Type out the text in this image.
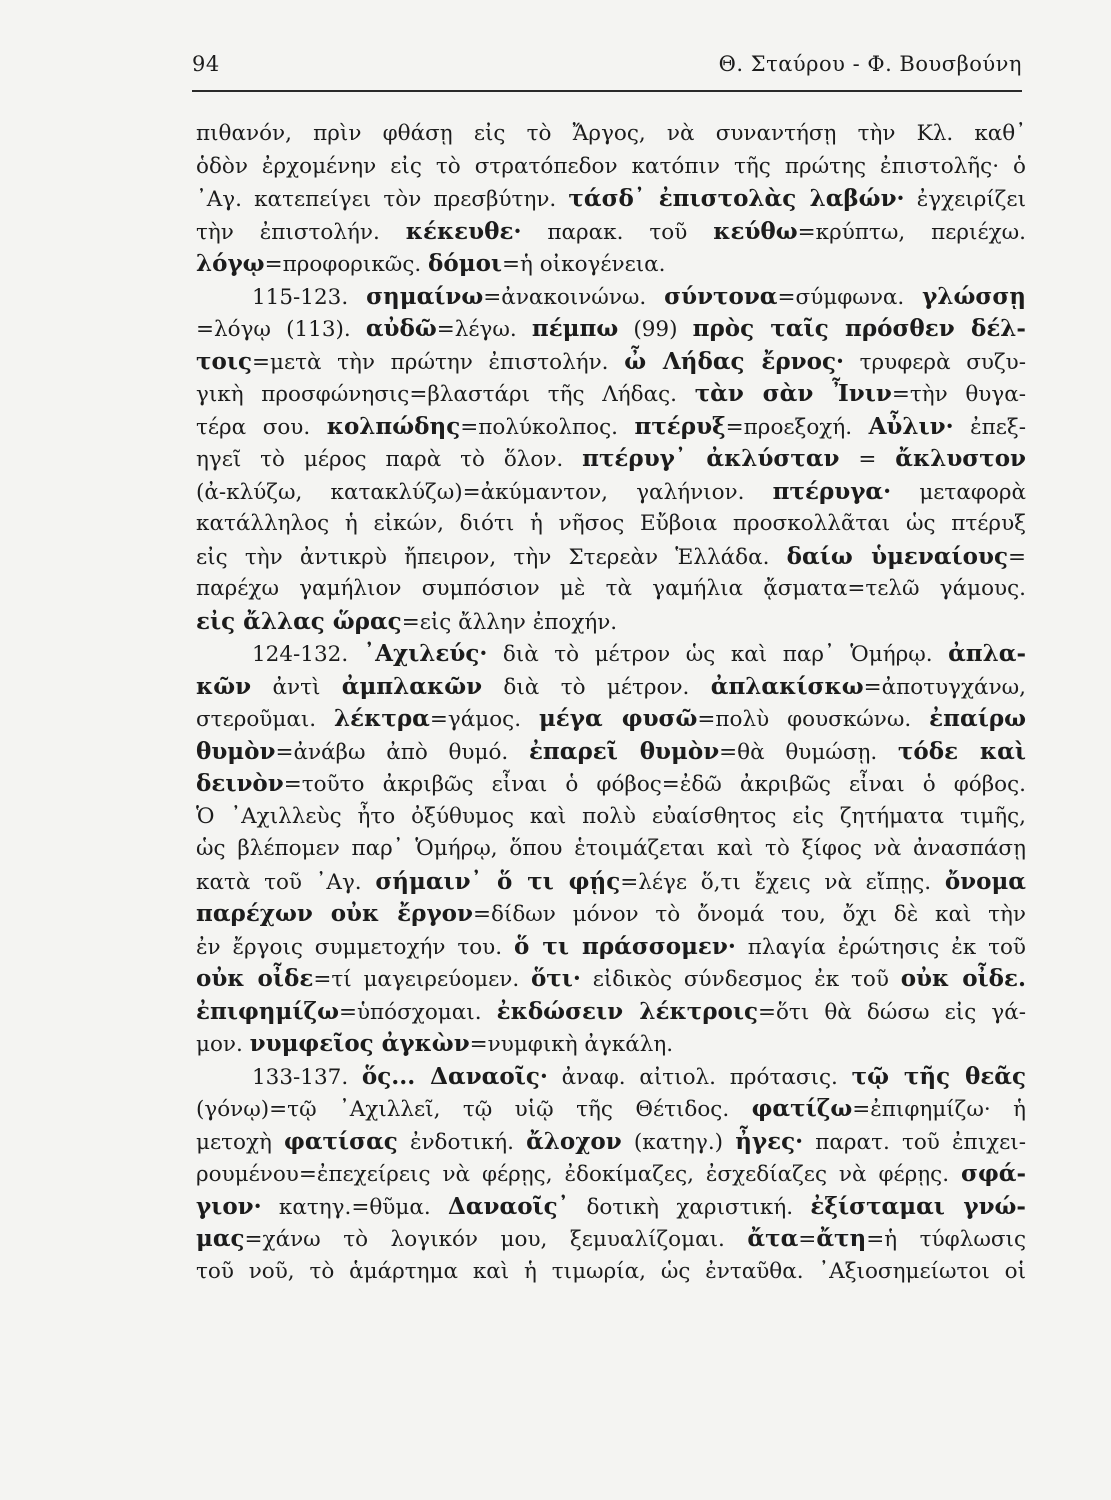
94	Θ. Σταύρου - Φ. Βουσβούνη
πιθανόν, πρὶν φθάσῃ εἰς τὸ Ἄργος, νὰ συναντήσῃ τὴν Κλ. καθ᾽
ὁδὸν ἐρχομένην εἰς τὸ στρατόπεδον κατόπιν τῆς πρώτης ἐπιστολῆς· ὁ
᾽Αγ. κατεπείγει τὸν πρεσβύτην. τάσδ᾽ ἐπιστολὰς λαβών· ἐγχειρίζει
τὴν ἐπιστολήν. κέκευθε· παρακ. τοῦ κεύθω=κρύπτω, περιέχω.
λόγῳ=προφορικῶς. δόμοι=ἡ οἰκογένεια.
115-123. σημαίνω=ἀνακοινώνω. σύντονα=σύμφωνα. γλώσσῃ
=λόγῳ (113). αὐδῶ=λέγω. πέμπω (99) πρὸς ταῖς πρόσθεν δέλ-
τοις=μετὰ τὴν πρώτην ἐπιστολήν. ὦ Λήδας ἔρνος· τρυφερὰ συζυ-
γικὴ προσφώνησις=βλαστάρι τῆς Λήδας. τὰν σὰν Ἶνιν=τὴν θυγα-
τέρα σου. κολπώδης=πολύκολπος. πτέρυξ=προεξοχή. Αὖλιν· ἐπεξ-
ηγεῖ τὸ μέρος παρὰ τὸ ὅλον. πτέρυγ᾽ ἀκλύσταν = ἄκλυστον
(ἀ-κλύζω, κατακλύζω)=ἀκύμαντον, γαλήνιον. πτέρυγα· μεταφορὰ
κατάλληλος ἡ εἰκών, διότι ἡ νῆσος Εὔβοια προσκολλᾶται ὡς πτέρυξ
εἰς τὴν ἀντικρὺ ἤπειρον, τὴν Στερεὰν Ἑλλάδα. δαίω ὑμεναίους=
παρέχω γαμήλιον συμπόσιον μὲ τὰ γαμήλια ᾄσματα=τελῶ γάμους.
εἰς ἄλλας ὥρας=εἰς ἄλλην ἐποχήν.
124-132. ᾽Αχιλεύς· διὰ τὸ μέτρον ὡς καὶ παρ᾽ Ὁμήρῳ. ἀπλα-
κῶν ἀντὶ ἀμπλακῶν διὰ τὸ μέτρον. ἀπλακίσκω=ἀποτυγχάνω,
στεροῦμαι. λέκτρα=γάμος. μέγα φυσῶ=πολὺ φουσκώνω. ἐπαίρω
θυμὸν=ἀνάβω ἀπὸ θυμό. ἐπαρεῖ θυμὸν=θὰ θυμώσῃ. τόδε καὶ
δεινὸν=τοῦτο ἀκριβῶς εἶναι ὁ φόβος=ἐδῶ ἀκριβῶς εἶναι ὁ φόβος.
Ὁ ᾽Αχιλλεὺς ἦτο ὀξύθυμος καὶ πολὺ εὐαίσθητος εἰς ζητήματα τιμῆς,
ὡς βλέπομεν παρ᾽ Ὁμήρῳ, ὅπου ἑτοιμάζεται καὶ τὸ ξίφος νὰ ἀνασπάσῃ
κατὰ τοῦ ᾽Αγ. σήμαιν᾽ ὅ τι φῄς=λέγε ὅ,τι ἔχεις νὰ εἴπῃς. ὄνομα
παρέχων οὐκ ἔργον=δίδων μόνον τὸ ὄνομά του, ὄχι δὲ καὶ τὴν
ἐν ἔργοις συμμετοχήν του. ὅ τι πράσσομεν· πλαγία ἐρώτησις ἐκ τοῦ
οὐκ οἶδε=τί μαγειρεύομεν. ὅτι· εἰδικὸς σύνδεσμος ἐκ τοῦ οὐκ οἶδε.
ἐπιφημίζω=ὑπόσχομαι. ἐκδώσειν λέκτροις=ὅτι θὰ δώσω εἰς γά-
μον. νυμφεῖος ἀγκὼν=νυμφικὴ ἀγκάλη.
133-137. ὅς... Δαναοῖς· ἀναφ. αἰτιολ. πρότασις. τῷ τῆς θεᾶς
(γόνῳ)=τῷ ᾽Αχιλλεῖ, τῷ υἱῷ τῆς Θέτιδος. φατίζω=ἐπιφημίζω· ἡ
μετοχὴ φατίσας ἐνδοτική. ἄλοχον (κατηγ.) ἦγες· παρατ. τοῦ ἐπιχει-
ρουμένου=ἐπεχείρεις νὰ φέρῃς, ἐδοκίμαζες, ἐσχεδίαζες νὰ φέρῃς. σφά-
γιον· κατηγ.=θῦμα. Δαναοῖς᾽ δοτικὴ χαριστική. ἐξίσταμαι γνώ-
μας=χάνω τὸ λογικόν μου, ξεμυαλίζομαι. ἄτα=ἄτη=ἡ τύφλωσις
τοῦ νοῦ, τὸ ἁμάρτημα καὶ ἡ τιμωρία, ὡς ἐνταῦθα. ᾽Αξιοσημείωτοι οἱ
